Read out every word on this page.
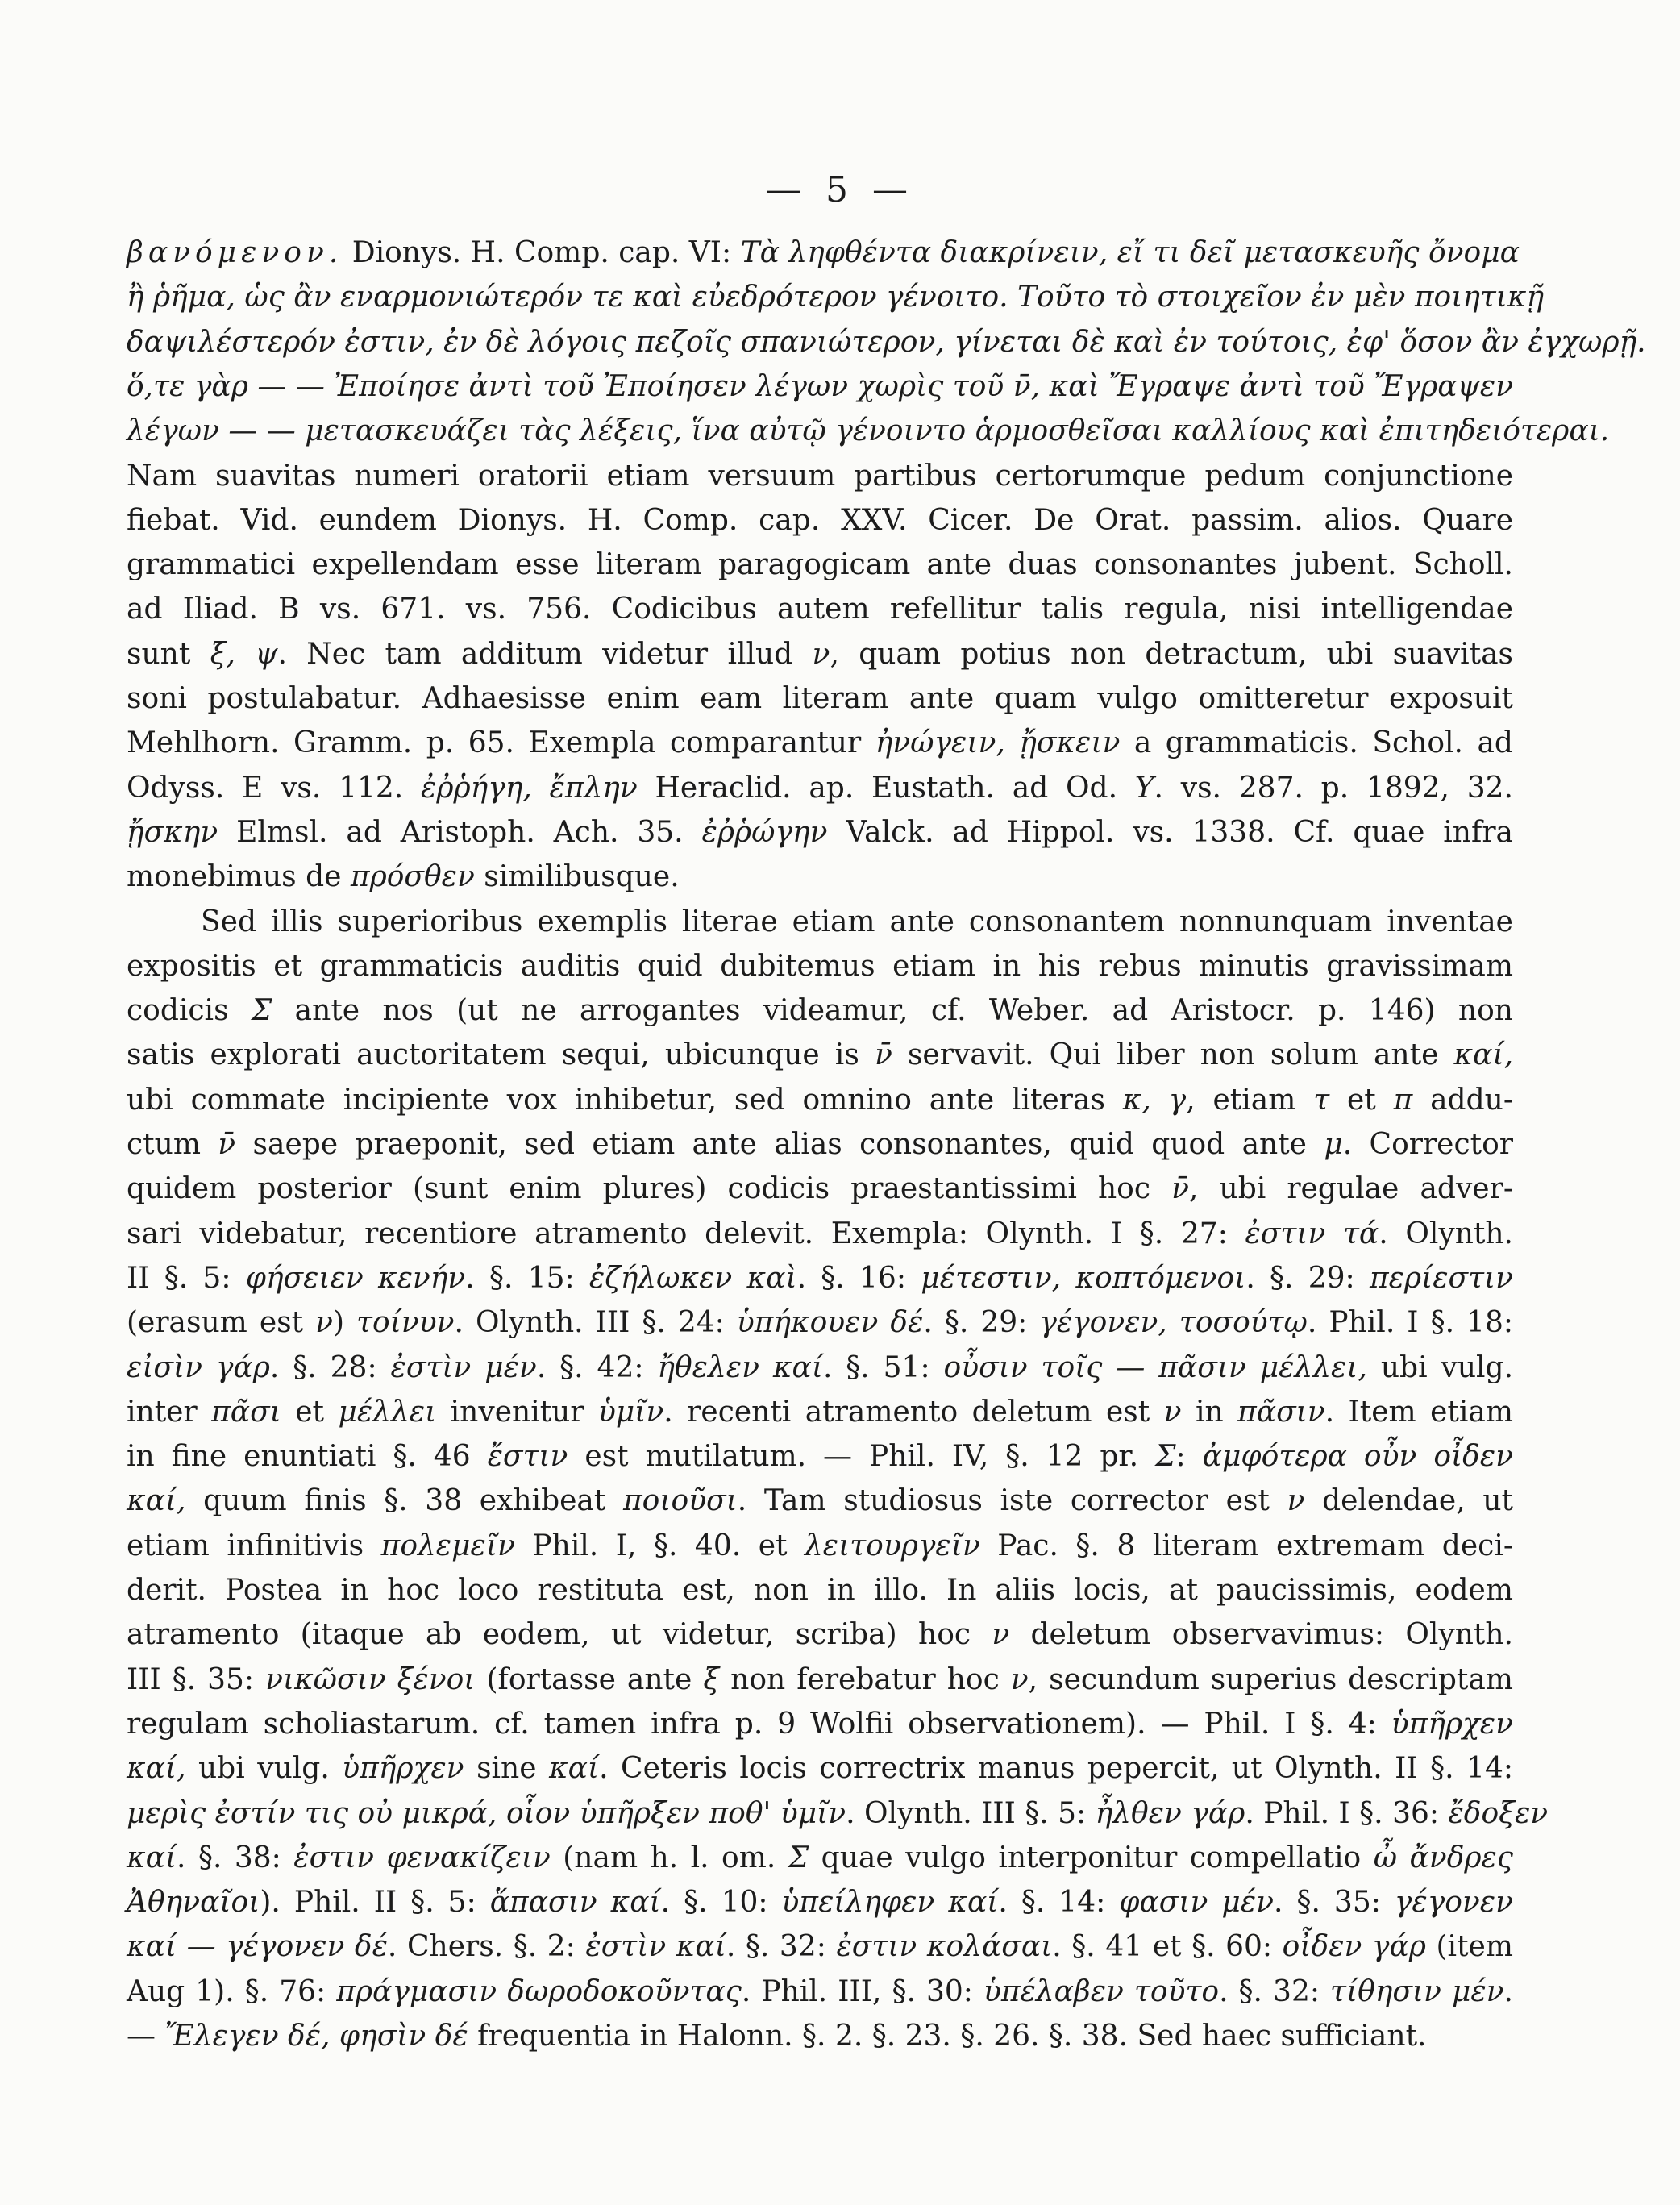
— 5 —
βανόμενον. Dionys. H. Comp. cap. VI: Τὰ ληφθέντα διακρίνειν, εἴ τι δεῖ μετασκευῆς ὄνομα
ἢ ῥῆμα, ὡς ἂν εναρμονιώτερόν τε καὶ εὐεδρότερον γένοιτο. Τοῦτο τὸ στοιχεῖον ἐν μὲν ποιητικῇ
δαψιλέστερόν ἐστιν, ἐν δὲ λόγοις πεζοῖς σπανιώτερον, γίνεται δὲ καὶ ἐν τούτοις, ἐφ' ὅσον ἂν ἐγχωρῇ.
ὅ,τε γὰρ — — Ἐποίησε ἀντὶ τοῦ Ἐποίησεν λέγων χωρὶς τοῦ ν̄, καὶ Ἔγραψε ἀντὶ τοῦ Ἔγραψεν
λέγων — — μετασκευάζει τὰς λέξεις, ἵνα αὐτῷ γένοιντο ἁρμοσθεῖσαι καλλίους καὶ ἐπιτηδειότεραι.
Nam suavitas numeri oratorii etiam versuum partibus certorumque pedum conjunctione
fiebat. Vid. eundem Dionys. H. Comp. cap. XXV. Cicer. De Orat. passim. alios. Quare
grammatici expellendam esse literam paragogicam ante duas consonantes jubent. Scholl.
ad Iliad. B vs. 671. vs. 756. Codicibus autem refellitur talis regula, nisi intelligendae
sunt ξ, ψ. Nec tam additum videtur illud ν, quam potius non detractum, ubi suavitas
soni postulabatur. Adhaesisse enim eam literam ante quam vulgo omitteretur exposuit
Mehlhorn. Gramm. p. 65. Exempla comparantur ἠνώγειν, ᾔσκειν a grammaticis. Schol. ad
Odyss. E vs. 112. ἐῤῥήγη, ἔπλην Heraclid. ap. Eustath. ad Od. Υ. vs. 287. p. 1892, 32.
ᾔσκην Elmsl. ad Aristoph. Ach. 35. ἐῤῥώγην Valck. ad Hippol. vs. 1338. Cf. quae infra
monebimus de πρόσθεν similibusque.
Sed illis superioribus exemplis literae etiam ante consonantem nonnunquam inventae
expositis et grammaticis auditis quid dubitemus etiam in his rebus minutis gravissimam
codicis Σ ante nos (ut ne arrogantes videamur, cf. Weber. ad Aristocr. p. 146) non
satis explorati auctoritatem sequi, ubicunque is ν̄ servavit. Qui liber non solum ante καί,
ubi commate incipiente vox inhibetur, sed omnino ante literas κ, γ, etiam τ et π addu-
ctum ν̄ saepe praeponit, sed etiam ante alias consonantes, quid quod ante μ. Corrector
quidem posterior (sunt enim plures) codicis praestantissimi hoc ν̄, ubi regulae adver-
sari videbatur, recentiore atramento delevit. Exempla: Olynth. I §. 27: ἐστιν τά. Olynth.
II §. 5: φήσειεν κενήν. §. 15: ἐζήλωκεν καὶ. §. 16: μέτεστιν, κοπτόμενοι. §. 29: περίεστιν
(erasum est ν) τοίνυν. Olynth. III §. 24: ὑπήκουεν δέ. §. 29: γέγονεν, τοσούτῳ. Phil. I §. 18:
εἰσὶν γάρ. §. 28: ἐστὶν μέν. §. 42: ἤθελεν καί. §. 51: οὖσιν τοῖς — πᾶσιν μέλλει, ubi vulg.
inter πᾶσι et μέλλει invenitur ὑμῖν. recenti atramento deletum est ν in πᾶσιν. Item etiam
in fine enuntiati §. 46 ἔστιν est mutilatum. — Phil. IV, §. 12 pr. Σ: ἀμφότερα οὖν οἶδεν
καί, quum finis §. 38 exhibeat ποιοῦσι. Tam studiosus iste corrector est ν delendae, ut
etiam infinitivis πολεμεῖν Phil. I, §. 40. et λειτουργεῖν Pac. §. 8 literam extremam deci-
derit. Postea in hoc loco restituta est, non in illo. In aliis locis, at paucissimis, eodem
atramento (itaque ab eodem, ut videtur, scriba) hoc ν deletum observavimus: Olynth.
III §. 35: νικῶσιν ξένοι (fortasse ante ξ non ferebatur hoc ν, secundum superius descriptam
regulam scholiastarum. cf. tamen infra p. 9 Wolfii observationem). — Phil. I §. 4: ὑπῆρχεν
καί, ubi vulg. ὑπῆρχεν sine καί. Ceteris locis correctrix manus pepercit, ut Olynth. II §. 14:
μερὶς ἐστίν τις οὐ μικρά, οἷον ὑπῆρξεν ποθ' ὑμῖν. Olynth. III §. 5: ἦλθεν γάρ. Phil. I §. 36: ἔδοξεν
καί. §. 38: ἐστιν φενακίζειν (nam h. l. om. Σ quae vulgo interponitur compellatio ὦ ἄνδρες
Ἀθηναῖοι). Phil. II §. 5: ἅπασιν καί. §. 10: ὑπείληφεν καί. §. 14: φασιν μέν. §. 35: γέγονεν
καί — γέγονεν δέ. Chers. §. 2: ἐστὶν καί. §. 32: ἐστιν κολάσαι. §. 41 et §. 60: οἶδεν γάρ (item
Aug 1). §. 76: πράγμασιν δωροδοκοῦντας. Phil. III, §. 30: ὑπέλαβεν τοῦτο. §. 32: τίθησιν μέν.
— Ἔλεγεν δέ, φησὶν δέ frequentia in Halonn. §. 2. §. 23. §. 26. §. 38. Sed haec sufficiant.
